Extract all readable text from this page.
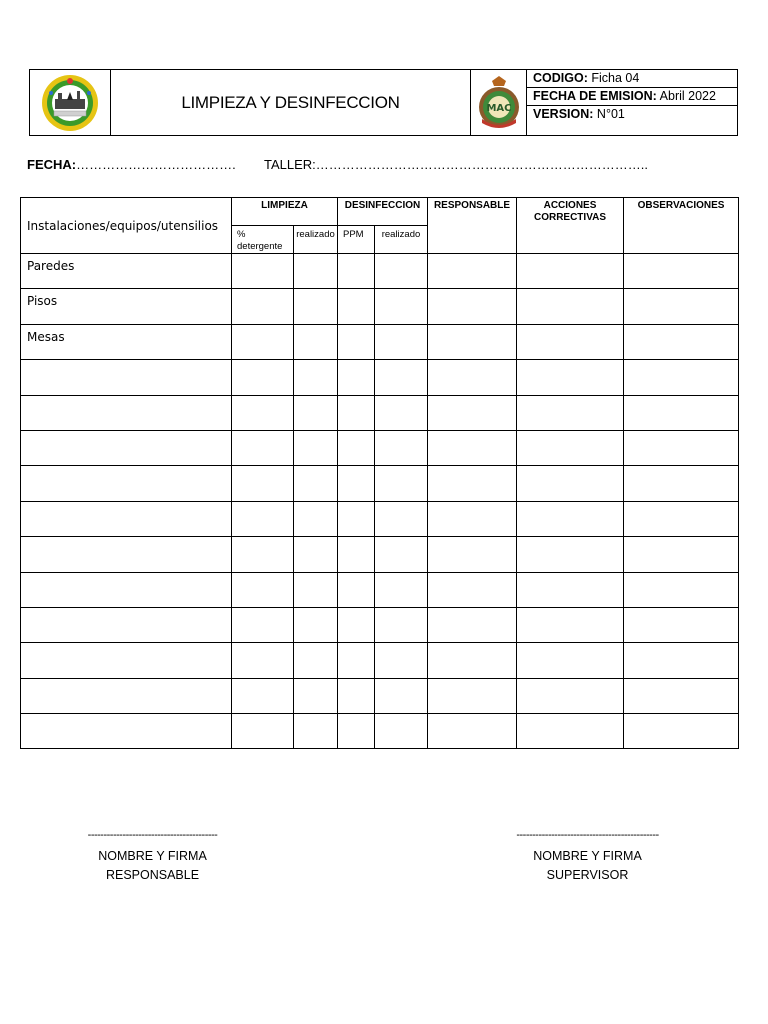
LIMPIEZA Y DESINFECCION	MAC
CODIGO: Ficha 04
FECHA DE EMISION: Abril 2022
VERSION: N°01
FECHA:………………………………. TALLER:…………………………………………………………………..
Instalaciones/equipos/utensilios	LIMPIEZA		DESINFECCION		RESPONSABLE	ACCIONES CORRECTIVAS	OBSERVACIONES
	% detergente	realizado	PPM	realizado			
Paredes							
Pisos							
Mesas							

-----------------------------------------
NOMBRE Y FIRMA
RESPONSABLE
---------------------------------------------
NOMBRE Y FIRMA
SUPERVISOR
